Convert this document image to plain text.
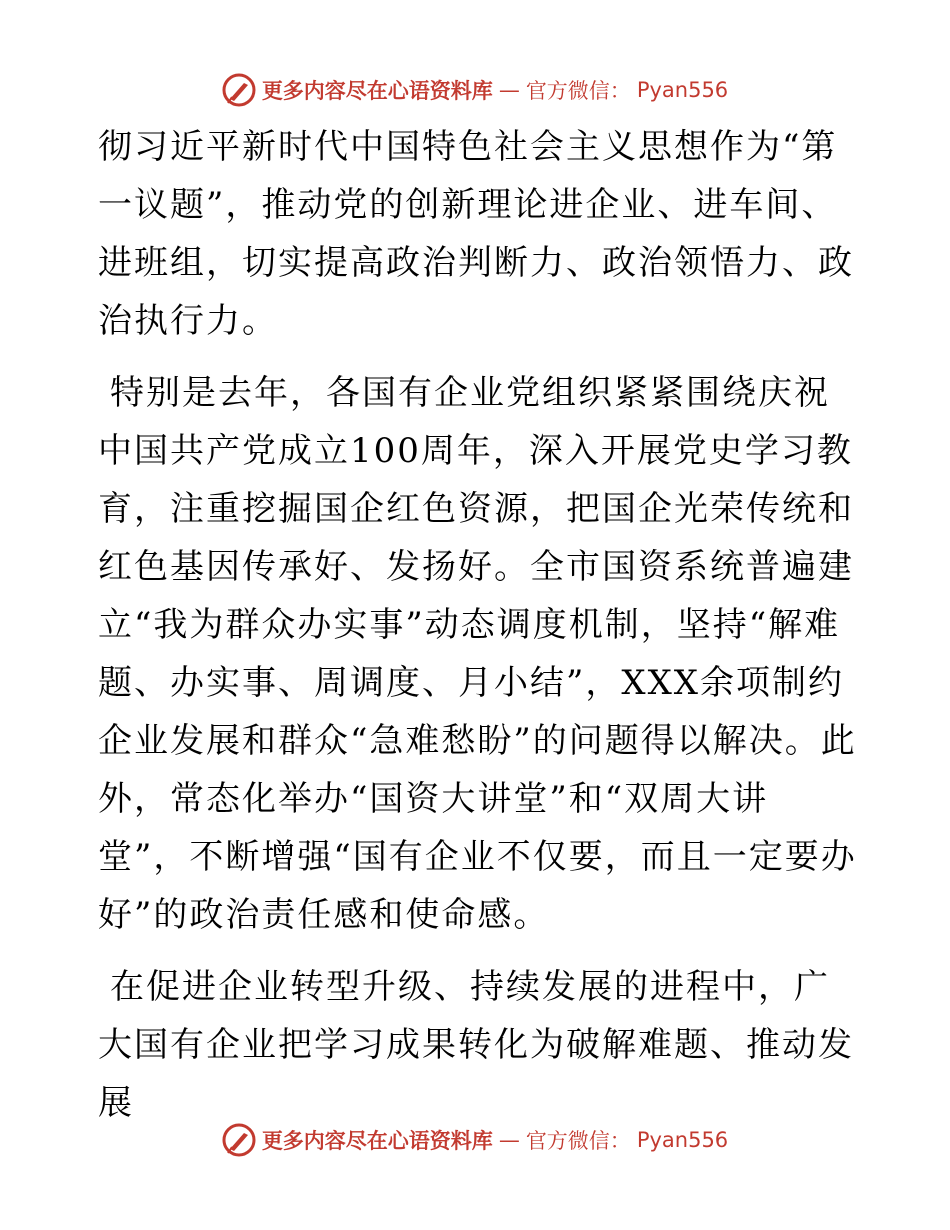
更多内容尽在心语资料库 — 官方微信： Pyan556

彻习近平新时代中国特色社会主义思想作为“第一议题”，推动党的创新理论进企业、进车间、进班组，切实提高政治判断力、政治领悟力、政治执行力。

特别是去年，各国有企业党组织紧紧围绕庆祝中国共产党成立100周年，深入开展党史学习教育，注重挖掘国企红色资源，把国企光荣传统和红色基因传承好、发扬好。全市国资系统普遍建立“我为群众办实事”动态调度机制，坚持“解难题、办实事、周调度、月小结”，XXX余项制约企业发展和群众“急难愁盼”的问题得以解决。此外，常态化举办“国资大讲堂”和“双周大讲堂”，不断增强“国有企业不仅要，而且一定要办好”的政治责任感和使命感。

在促进企业转型升级、持续发展的进程中，广大国有企业把学习成果转化为破解难题、推动发展

更多内容尽在心语资料库 — 官方微信： Pyan556
